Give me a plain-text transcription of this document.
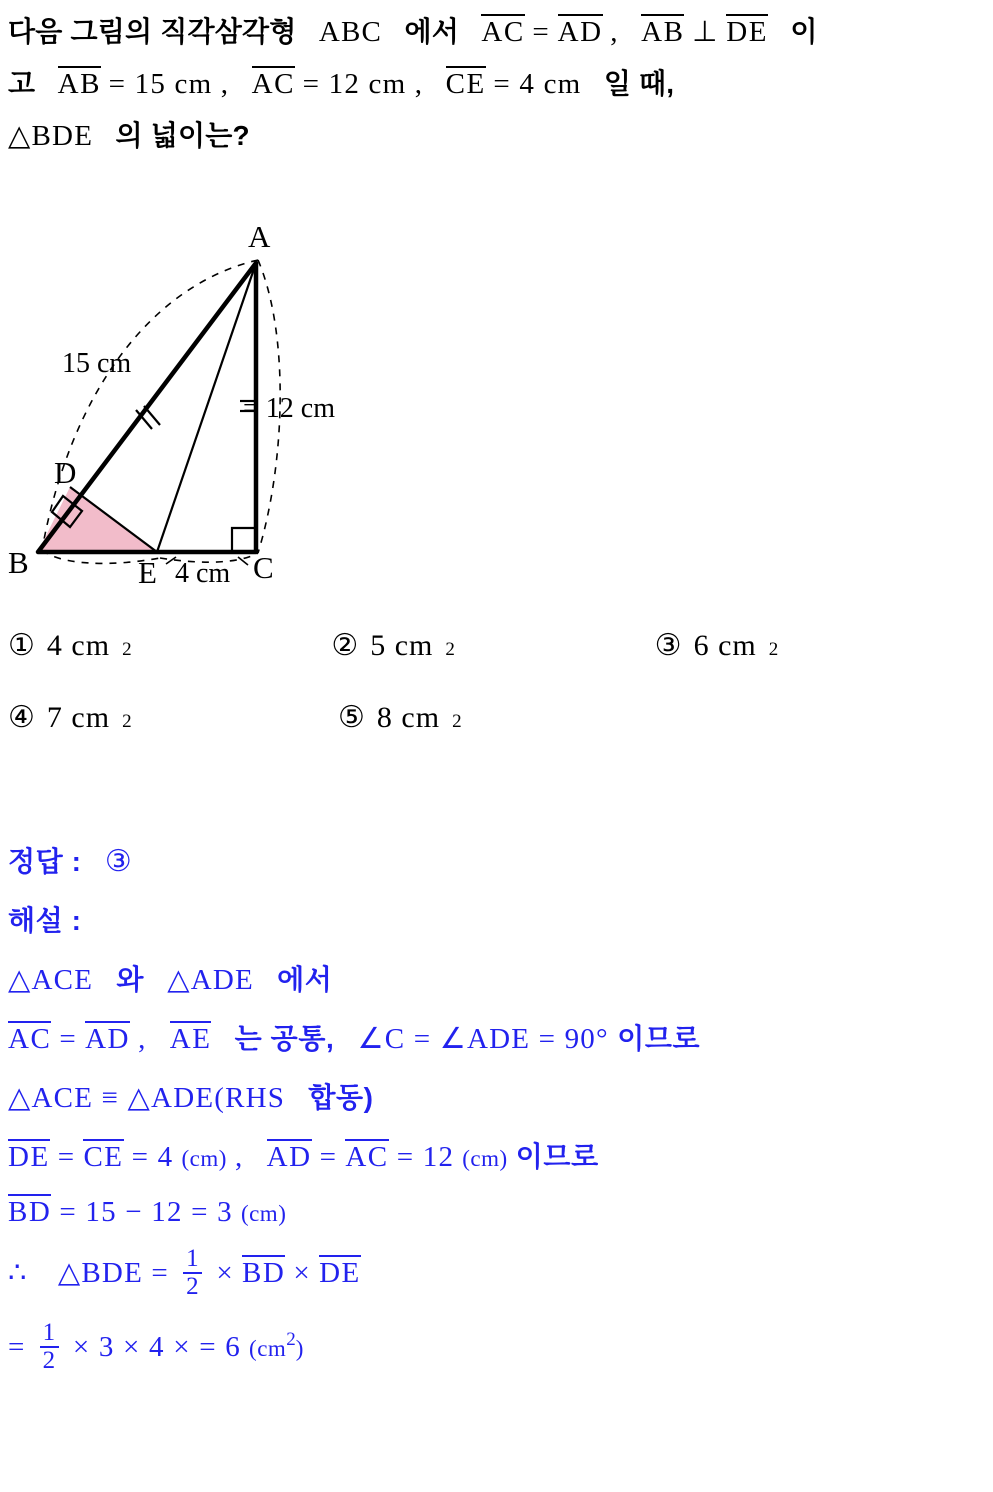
다음 그림의 직각삼각형 ABC 에서 AC = AD , AB ⊥ DE 이
고 AB = 15 cm , AC = 12 cm , CE = 4 cm 일 때,
△BDE 의 넓이는?
A
B	C
D
E
15 cm
= 12 cm
4 cm
① 4 cm 2	② 5 cm 2	③ 6 cm 2
④ 7 cm 2	⑤ 8 cm 2
정답 : ③
해설 :
△ACE 와 △ADE 에서
AC = AD , AE 는 공통, ∠C = ∠ADE = 90° 이므로
△ACE ≡ △ADE(RHS 합동)
DE = CE = 4 (cm) , AD = AC = 12 (cm) 이므로
BD = 15 − 12 = 3 (cm)
∴ △BDE = $\frac{1}{2}$ × BD × DE
= $\frac{1}{2} \times 3 \times 4$ × = 6 $(cm^2)$
